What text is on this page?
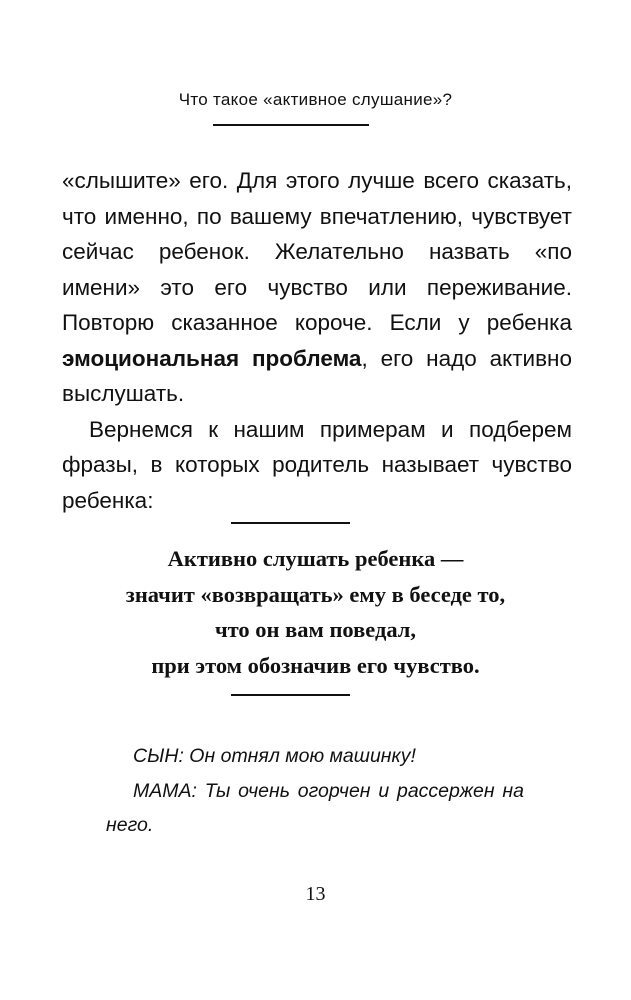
Что такое «активное слушание»?

«слышите» его. Для этого лучше всего сказать, что именно, по вашему впечатлению, чувствует сейчас ребенок. Желательно назвать «по имени» это его чувство или переживание. Повторю сказанное короче. Если у ребенка эмоциональная проблема, его надо активно выслушать.

Вернемся к нашим примерам и подберем фразы, в которых родитель называет чувство ребенка:

Активно слушать ребенка —
значит «возвращать» ему в беседе то,
что он вам поведал,
при этом обозначив его чувство.

СЫН: Он отнял мою машинку!

МАМА: Ты очень огорчен и рассержен на него.

13
